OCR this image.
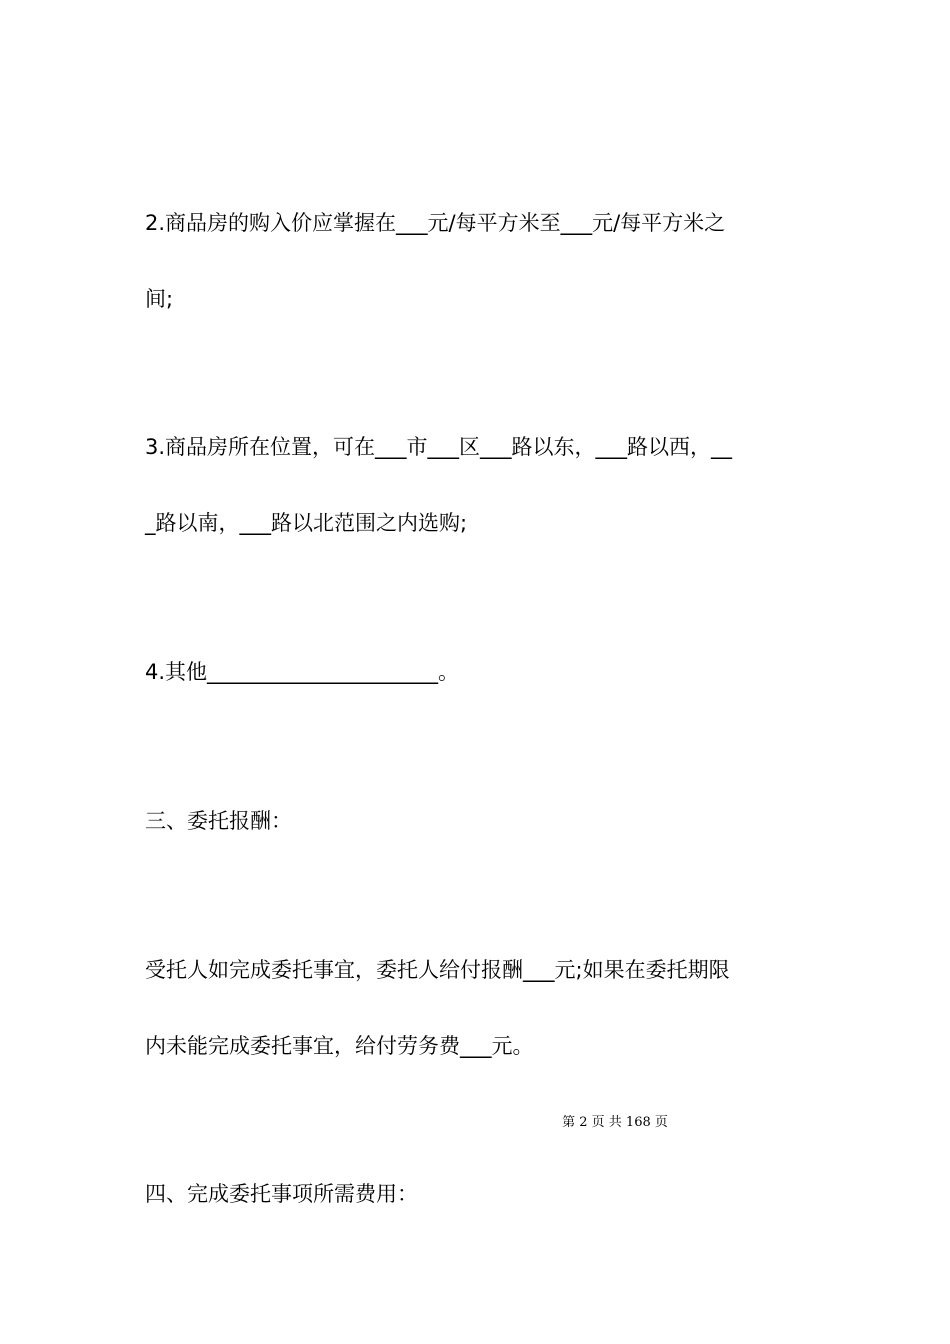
2.商品房的购入价应掌握在___元/每平方米至___元/每平方米之
间;
3.商品房所在位置，可在___市___区___路以东，___路以西，__
_路以南，___路以北范围之内选购;
4.其他______________________。
三、委托报酬：
受托人如完成委托事宜，委托人给付报酬___元;如果在委托期限
内未能完成委托事宜，给付劳务费___元。
第 2 页 共 168 页
四、完成委托事项所需费用：
